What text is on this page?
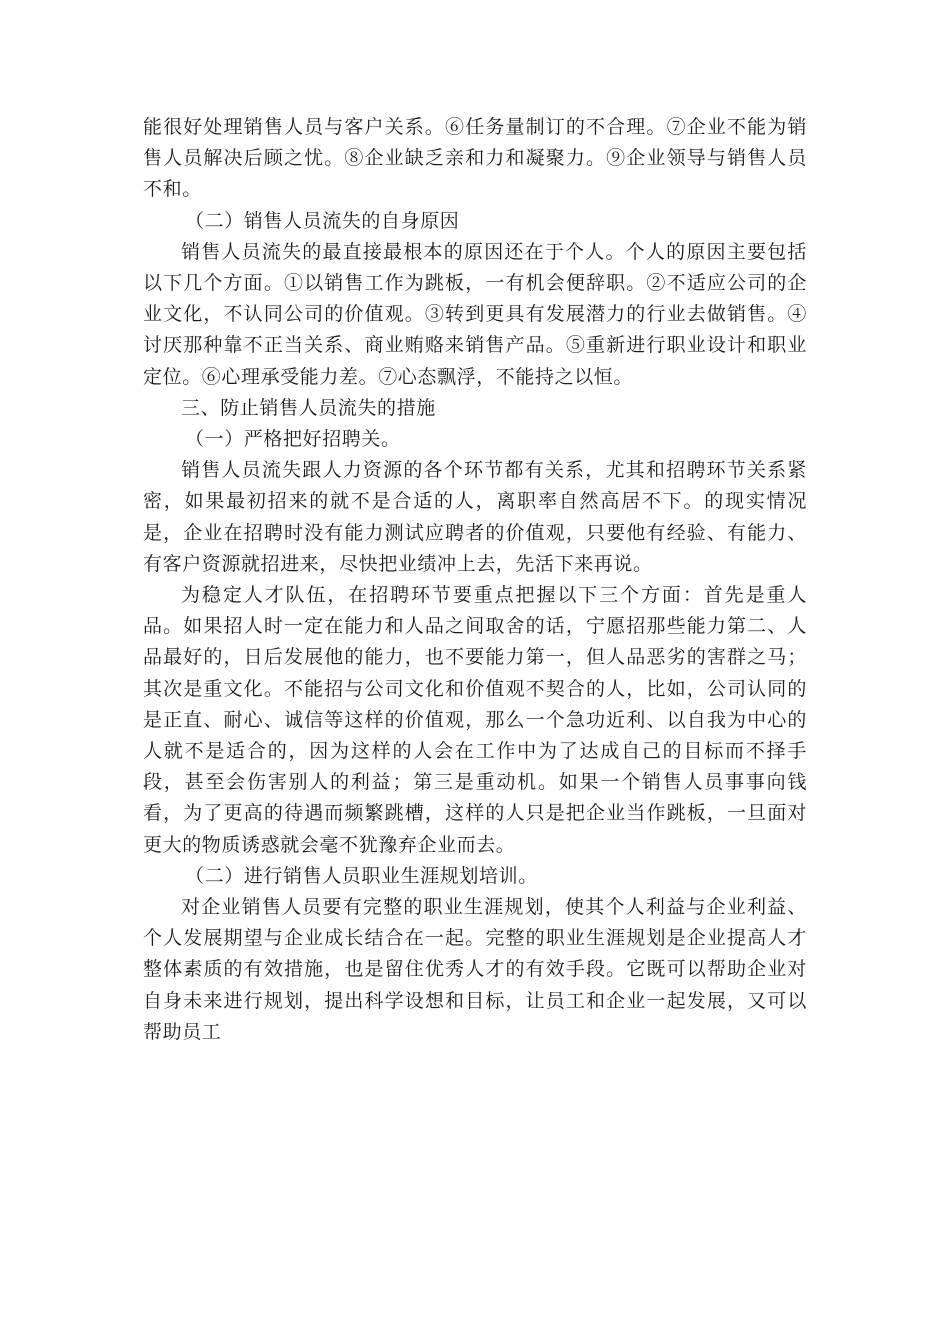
能很好处理销售人员与客户关系。⑥任务量制订的不合理。⑦企业不能为销售人员解决后顾之忧。⑧企业缺乏亲和力和凝聚力。⑨企业领导与销售人员不和。

（二）销售人员流失的自身原因

销售人员流失的最直接最根本的原因还在于个人。个人的原因主要包括以下几个方面。①以销售工作为跳板，一有机会便辞职。②不适应公司的企业文化，不认同公司的价值观。③转到更具有发展潜力的行业去做销售。④讨厌那种靠不正当关系、商业贿赂来销售产品。⑤重新进行职业设计和职业定位。⑥心理承受能力差。⑦心态飘浮，不能持之以恒。

三、防止销售人员流失的措施

（一）严格把好招聘关。

销售人员流失跟人力资源的各个环节都有关系，尤其和招聘环节关系紧密，如果最初招来的就不是合适的人，离职率自然高居不下。的现实情况是，企业在招聘时没有能力测试应聘者的价值观，只要他有经验、有能力、有客户资源就招进来，尽快把业绩冲上去，先活下来再说。

为稳定人才队伍，在招聘环节要重点把握以下三个方面：首先是重人品。如果招人时一定在能力和人品之间取舍的话，宁愿招那些能力第二、人品最好的，日后发展他的能力，也不要能力第一，但人品恶劣的害群之马；其次是重文化。不能招与公司文化和价值观不契合的人，比如，公司认同的是正直、耐心、诚信等这样的价值观，那么一个急功近利、以自我为中心的人就不是适合的，因为这样的人会在工作中为了达成自己的目标而不择手段，甚至会伤害别人的利益；第三是重动机。如果一个销售人员事事向钱看，为了更高的待遇而频繁跳槽，这样的人只是把企业当作跳板，一旦面对更大的物质诱惑就会毫不犹豫弃企业而去。

（二）进行销售人员职业生涯规划培训。

对企业销售人员要有完整的职业生涯规划，使其个人利益与企业利益、个人发展期望与企业成长结合在一起。完整的职业生涯规划是企业提高人才整体素质的有效措施，也是留住优秀人才的有效手段。它既可以帮助企业对自身未来进行规划，提出科学设想和目标，让员工和企业一起发展，又可以帮助员工
